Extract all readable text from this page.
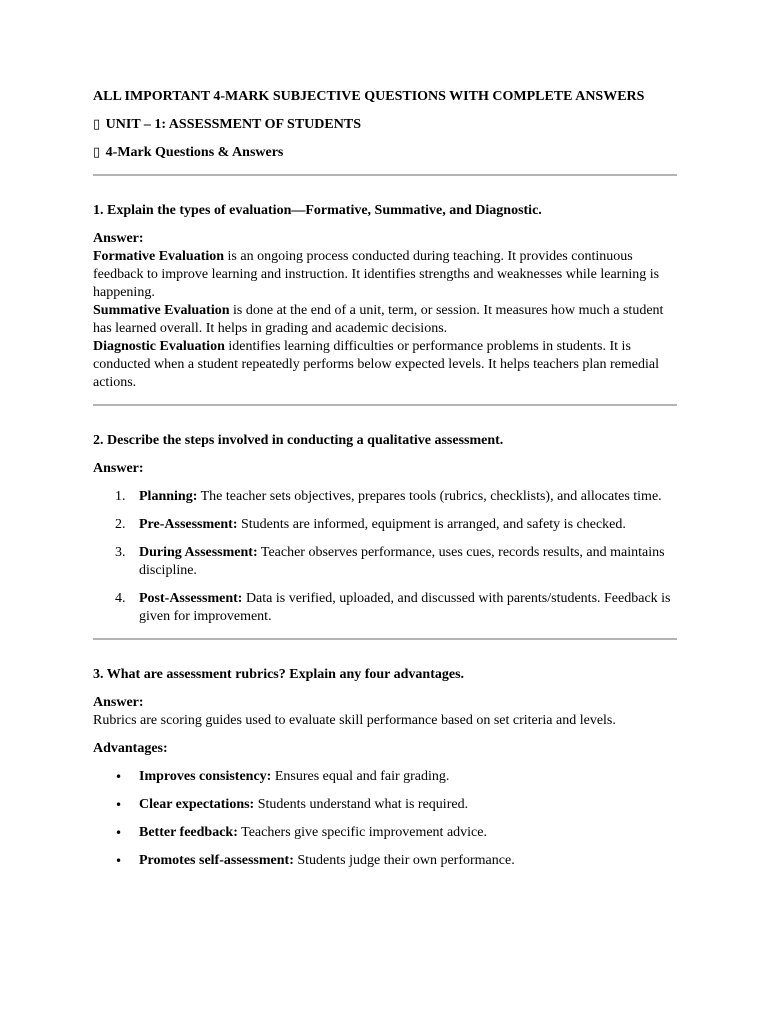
ALL IMPORTANT 4-MARK SUBJECTIVE QUESTIONS WITH COMPLETE ANSWERS
▯ UNIT – 1: ASSESSMENT OF STUDENTS
▯ 4-Mark Questions & Answers
1. Explain the types of evaluation—Formative, Summative, and Diagnostic.
Answer:

Formative Evaluation is an ongoing process conducted during teaching. It provides continuous feedback to improve learning and instruction. It identifies strengths and weaknesses while learning is happening.

Summative Evaluation is done at the end of a unit, term, or session. It measures how much a student has learned overall. It helps in grading and academic decisions.

Diagnostic Evaluation identifies learning difficulties or performance problems in students. It is conducted when a student repeatedly performs below expected levels. It helps teachers plan remedial actions.

2. Describe the steps involved in conducting a qualitative assessment.
Answer:
1. Planning: The teacher sets objectives, prepares tools (rubrics, checklists), and allocates time.
2. Pre-Assessment: Students are informed, equipment is arranged, and safety is checked.
3. During Assessment: Teacher observes performance, uses cues, records results, and maintains discipline.
4. Post-Assessment: Data is verified, uploaded, and discussed with parents/students. Feedback is given for improvement.
3. What are assessment rubrics? Explain any four advantages.
Answer:

Rubrics are scoring guides used to evaluate skill performance based on set criteria and levels.

Advantages:
• Improves consistency: Ensures equal and fair grading.
• Clear expectations: Students understand what is required.
• Better feedback: Teachers give specific improvement advice.
• Promotes self-assessment: Students judge their own performance.
